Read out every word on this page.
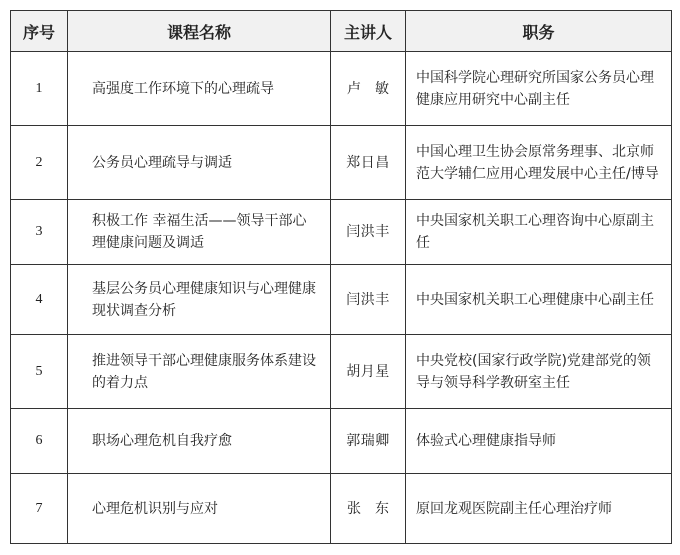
序号	课程名称	主讲人	职务
1	高强度工作环境下的心理疏导	卢敏	中国科学院心理研究所国家公务员心理健康应用研究中心副主任
2	公务员心理疏导与调适	郑日昌	中国心理卫生协会原常务理事、北京师范大学辅仁应用心理发展中心主任/博导
3	积极工作 幸福生活——领导干部心理健康问题及调适	闫洪丰	中央国家机关职工心理咨询中心原副主任
4	基层公务员心理健康知识与心理健康现状调查分析	闫洪丰	中央国家机关职工心理健康中心副主任
5	推进领导干部心理健康服务体系建设的着力点	胡月星	中央党校(国家行政学院)党建部党的领导与领导科学教研室主任
6	职场心理危机自我疗愈	郭瑞卿	体验式心理健康指导师
7	心理危机识别与应对	张东	原回龙观医院副主任心理治疗师
